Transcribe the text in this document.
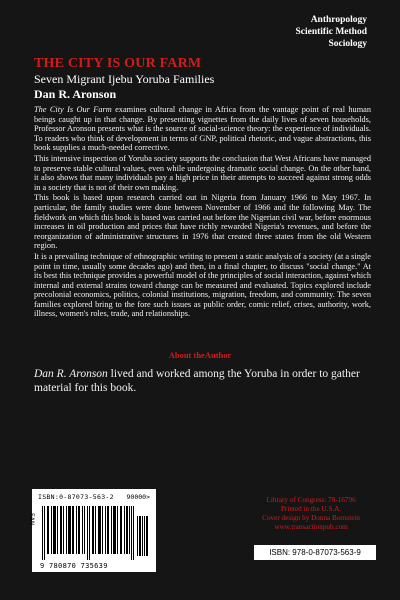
Anthropology
Scientific Method
Sociology
THE CITY IS OUR FARM
Seven Migrant Ijebu Yoruba Families
Dan R. Aronson

The City Is Our Farm examines cultural change in Africa from the vantage point of real human beings caught up in that change. By presenting vignettes from the daily lives of seven households, Professor Aronson presents what is the source of social-science theory: the experience of individuals. To readers who think of development in terms of GNP, political rhetoric, and vague abstractions, this book supplies a much-needed corrective.

This intensive inspection of Yoruba society supports the conclusion that West Africans have managed to preserve stable cultural values, even while undergoing dramatic social change. On the other hand, it also shows that many individuals pay a high price in their attempts to succeed against strong odds in a society that is not of their own making.

This book is based upon research carried out in Nigeria from January 1966 to May 1967. In particular, the family studies were done between November of 1966 and the following May. The fieldwork on which this book is based was carried out before the Nigerian civil war, before enormous increases in oil production and prices that have richly rewarded Nigeria's revenues, and before the reorganization of administrative structures in 1976 that created three states from the old Western region.

It is a prevailing technique of ethnographic writing to present a static analysis of a society (at a single point in time, usually some decades ago) and then, in a final chapter, to discuss "social change." At its best this technique provides a powerful model of the principles of social interaction, against which internal and external strains toward change can be measured and evaluated. Topics explored include precolonial economics, politics, colonial institutions, migration, freedom, and community. The seven families explored bring to the fore such issues as public order, comic relief, crises, authority, work, illness, women's roles, trade, and relationships.

About theAuthor
Dan R. Aronson lived and worked among the Yoruba in order to gather material for this book.
ISBN:0-87073-563-2 90000>
EAN
9 780870 735639
Library of Congress: 78-16796
Printed in the U.S.A.
Cover design by Donna Bornstein
www.transactionpub.com
ISBN: 978-0-87073-563-9
